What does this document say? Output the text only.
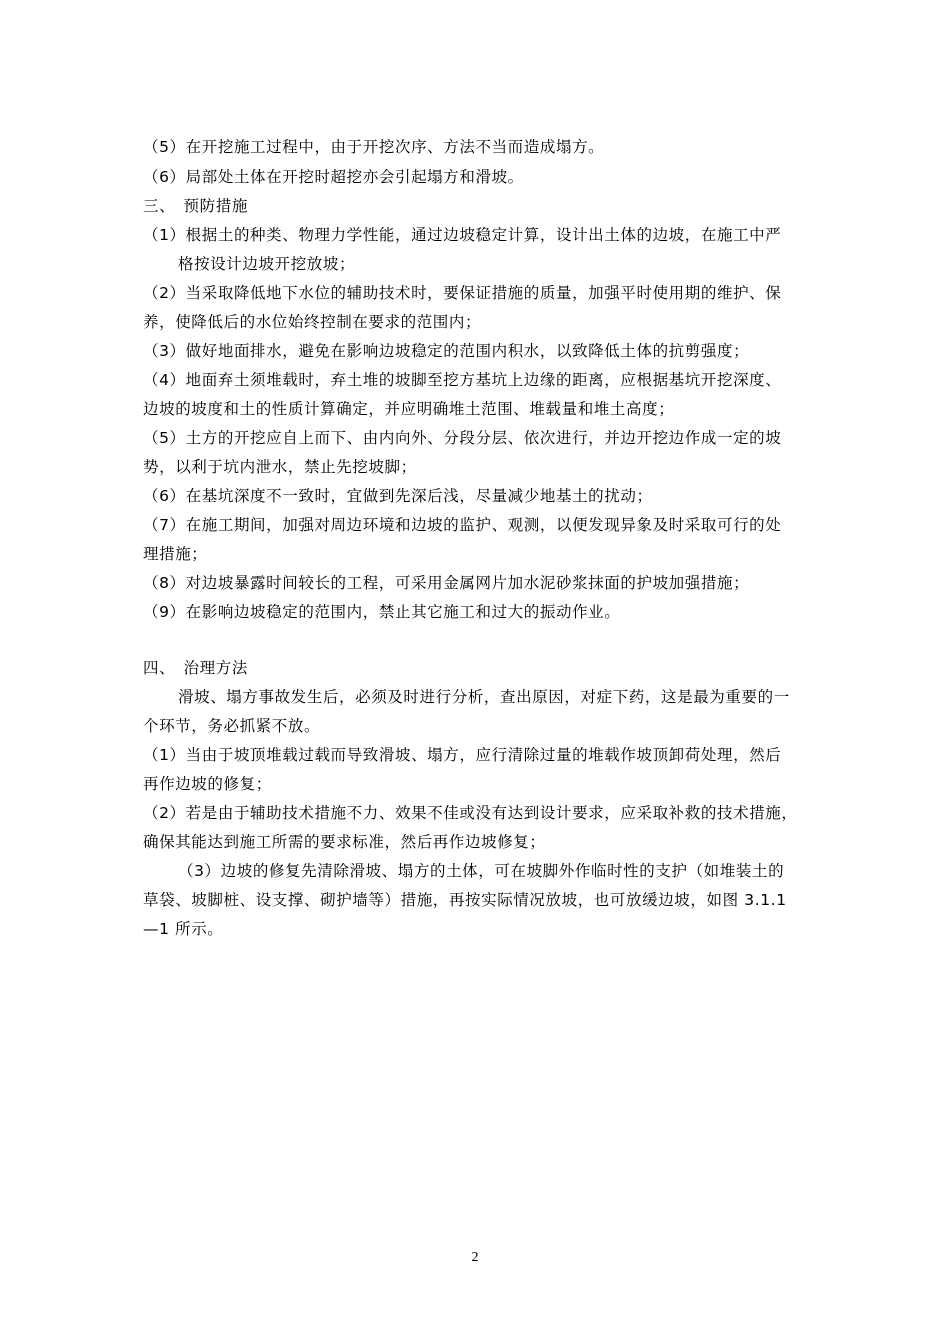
（5）在开挖施工过程中，由于开挖次序、方法不当而造成塌方。
（6）局部处土体在开挖时超挖亦会引起塌方和滑坡。
三、　预防措施
（1）根据土的种类、物理力学性能，通过边坡稳定计算，设计出土体的边坡，在施工中严
格按设计边坡开挖放坡；
（2）当采取降低地下水位的辅助技术时，要保证措施的质量，加强平时使用期的维护、保
养，使降低后的水位始终控制在要求的范围内；
（3）做好地面排水，避免在影响边坡稳定的范围内积水，以致降低土体的抗剪强度；
（4）地面弃土须堆载时，弃土堆的坡脚至挖方基坑上边缘的距离，应根据基坑开挖深度、
边坡的坡度和土的性质计算确定，并应明确堆土范围、堆载量和堆土高度；
（5）土方的开挖应自上而下、由内向外、分段分层、依次进行，并边开挖边作成一定的坡
势，以利于坑内泄水，禁止先挖坡脚；
（6）在基坑深度不一致时，宜做到先深后浅，尽量减少地基土的扰动；
（7）在施工期间，加强对周边环境和边坡的监护、观测，以便发现异象及时采取可行的处
理措施；
（8）对边坡暴露时间较长的工程，可采用金属网片加水泥砂浆抹面的护坡加强措施；
（9）在影响边坡稳定的范围内，禁止其它施工和过大的振动作业。
四、　治理方法
滑坡、塌方事故发生后，必须及时进行分析，查出原因，对症下药，这是最为重要的一
个环节，务必抓紧不放。
（1）当由于坡顶堆载过载而导致滑坡、塌方，应行清除过量的堆载作坡顶卸荷处理，然后
再作边坡的修复；
（2）若是由于辅助技术措施不力、效果不佳或没有达到设计要求，应采取补救的技术措施，
确保其能达到施工所需的要求标准，然后再作边坡修复；
（3）边坡的修复先清除滑坡、塌方的土体，可在坡脚外作临时性的支护（如堆装土的
草袋、坡脚桩、设支撑、砌护墙等）措施，再按实际情况放坡，也可放缓边坡，如图 3.1.1
—1 所示。
2
